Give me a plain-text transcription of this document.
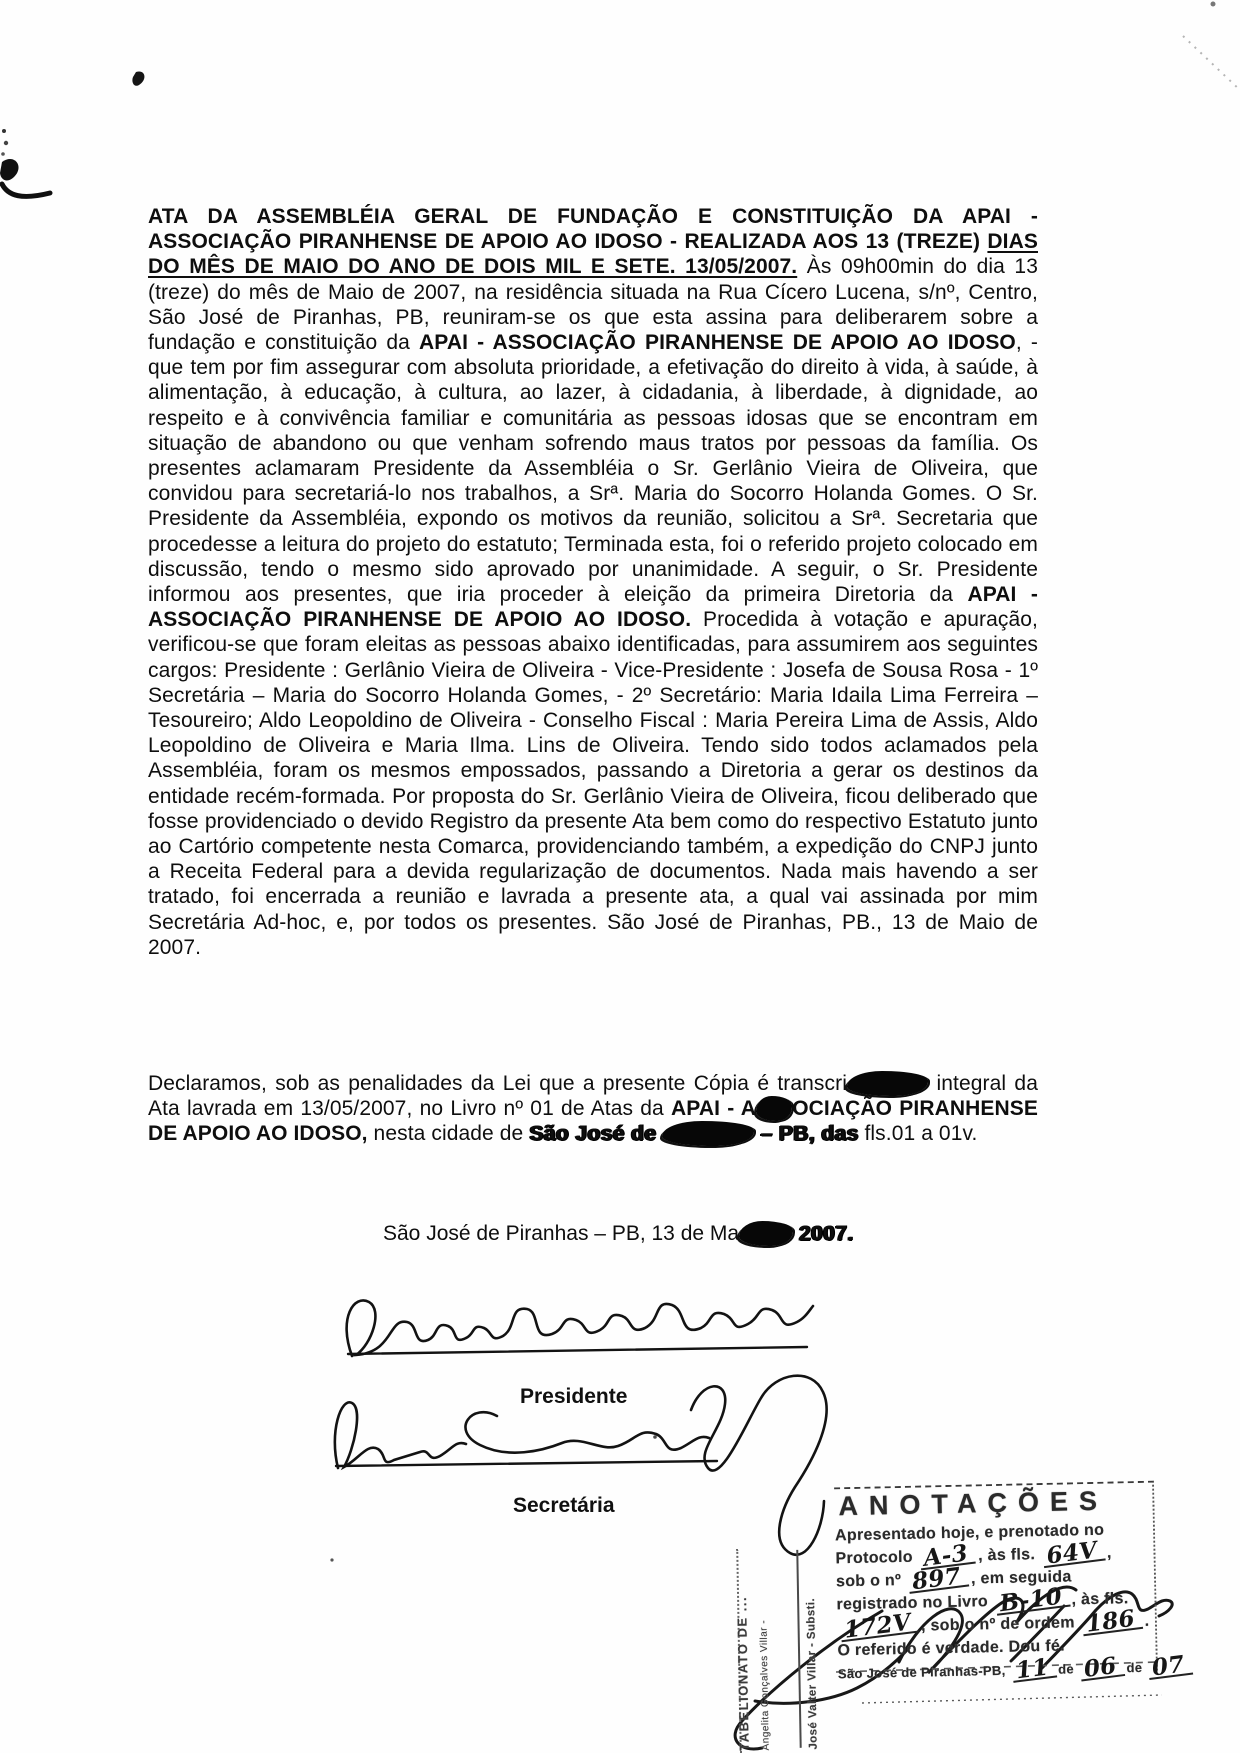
ATA DA ASSEMBLÉIA GERAL DE FUNDAÇÃO E CONSTITUIÇÃO DA APAI - ASSOCIAÇÃO PIRANHENSE DE APOIO AO IDOSO - REALIZADA AOS 13 (TREZE) DIAS DO MÊS DE MAIO DO ANO DE DOIS MIL E SETE. 13/05/2007. Às 09h00min do dia 13 (treze) do mês de Maio de 2007, na residência situada na Rua Cícero Lucena, s/nº, Centro, São José de Piranhas, PB, reuniram-se os que esta assina para deliberarem sobre a fundação e constituição da APAI - ASSOCIAÇÃO PIRANHENSE DE APOIO AO IDOSO, - que tem por fim assegurar com absoluta prioridade, a efetivação do direito à vida, à saúde, à alimentação, à educação, à cultura, ao lazer, à cidadania, à liberdade, à dignidade, ao respeito e à convivência familiar e comunitária as pessoas idosas que se encontram em situação de abandono ou que venham sofrendo maus tratos por pessoas da família. Os presentes aclamaram Presidente da Assembléia o Sr. Gerlânio Vieira de Oliveira, que convidou para secretariá-lo nos trabalhos, a Srª. Maria do Socorro Holanda Gomes. O Sr. Presidente da Assembléia, expondo os motivos da reunião, solicitou a Srª. Secretaria que procedesse a leitura do projeto do estatuto; Terminada esta, foi o referido projeto colocado em discussão, tendo o mesmo sido aprovado por unanimidade. A seguir, o Sr. Presidente informou aos presentes, que iria proceder à eleição da primeira Diretoria da APAI - ASSOCIAÇÃO PIRANHENSE DE APOIO AO IDOSO. Procedida à votação e apuração, verificou-se que foram eleitas as pessoas abaixo identificadas, para assumirem aos seguintes cargos: Presidente : Gerlânio Vieira de Oliveira - Vice-Presidente : Josefa de Sousa Rosa - 1º Secretária – Maria do Socorro Holanda Gomes, - 2º Secretário: Maria Idaila Lima Ferreira – Tesoureiro; Aldo Leopoldino de Oliveira - Conselho Fiscal : Maria Pereira Lima de Assis, Aldo Leopoldino de Oliveira e Maria Ilma. Lins de Oliveira. Tendo sido todos aclamados pela Assembléia, foram os mesmos empossados, passando a Diretoria a gerar os destinos da entidade recém-formada. Por proposta do Sr. Gerlânio Vieira de Oliveira, ficou deliberado que fosse providenciado o devido Registro da presente Ata bem como do respectivo Estatuto junto ao Cartório competente nesta Comarca, providenciando também, a expedição do CNPJ junto a Receita Federal para a devida regularização de documentos. Nada mais havendo a ser tratado, foi encerrada a reunião e lavrada a presente ata, a qual vai assinada por mim Secretária Ad-hoc, e, por todos os presentes. São José de Piranhas, PB., 13 de Maio de 2007.

Declaramos, sob as penalidades da Lei que a presente Cópia é transcri	integral da Ata lavrada em 13/05/2007, no Livro nº 01 de Atas da APAI - A OCIAÇÃO PIRANHENSE DE APOIO AO IDOSO, nesta cidade de São José de	– PB, das fls.01 a 01v.

São José de Piranhas – PB, 13 de Ma	2007.

Presidente
Secretária	ANOTAÇÕES
Apresentado hoje, e prenotado no
Protocolo A-3 , às fls. 64V ,
sob o nº 897 , em seguida
registrado no Livro B-10 , às fls.
172V , sob o nº de ordem 186 .
O referido é verdade. Dou fé.
São José de Piranhas-PB, 11 de 06 de 07
TABELIONATO DE ... Angelita Gonçalves Villar -	José Valter Villar - Substi.
